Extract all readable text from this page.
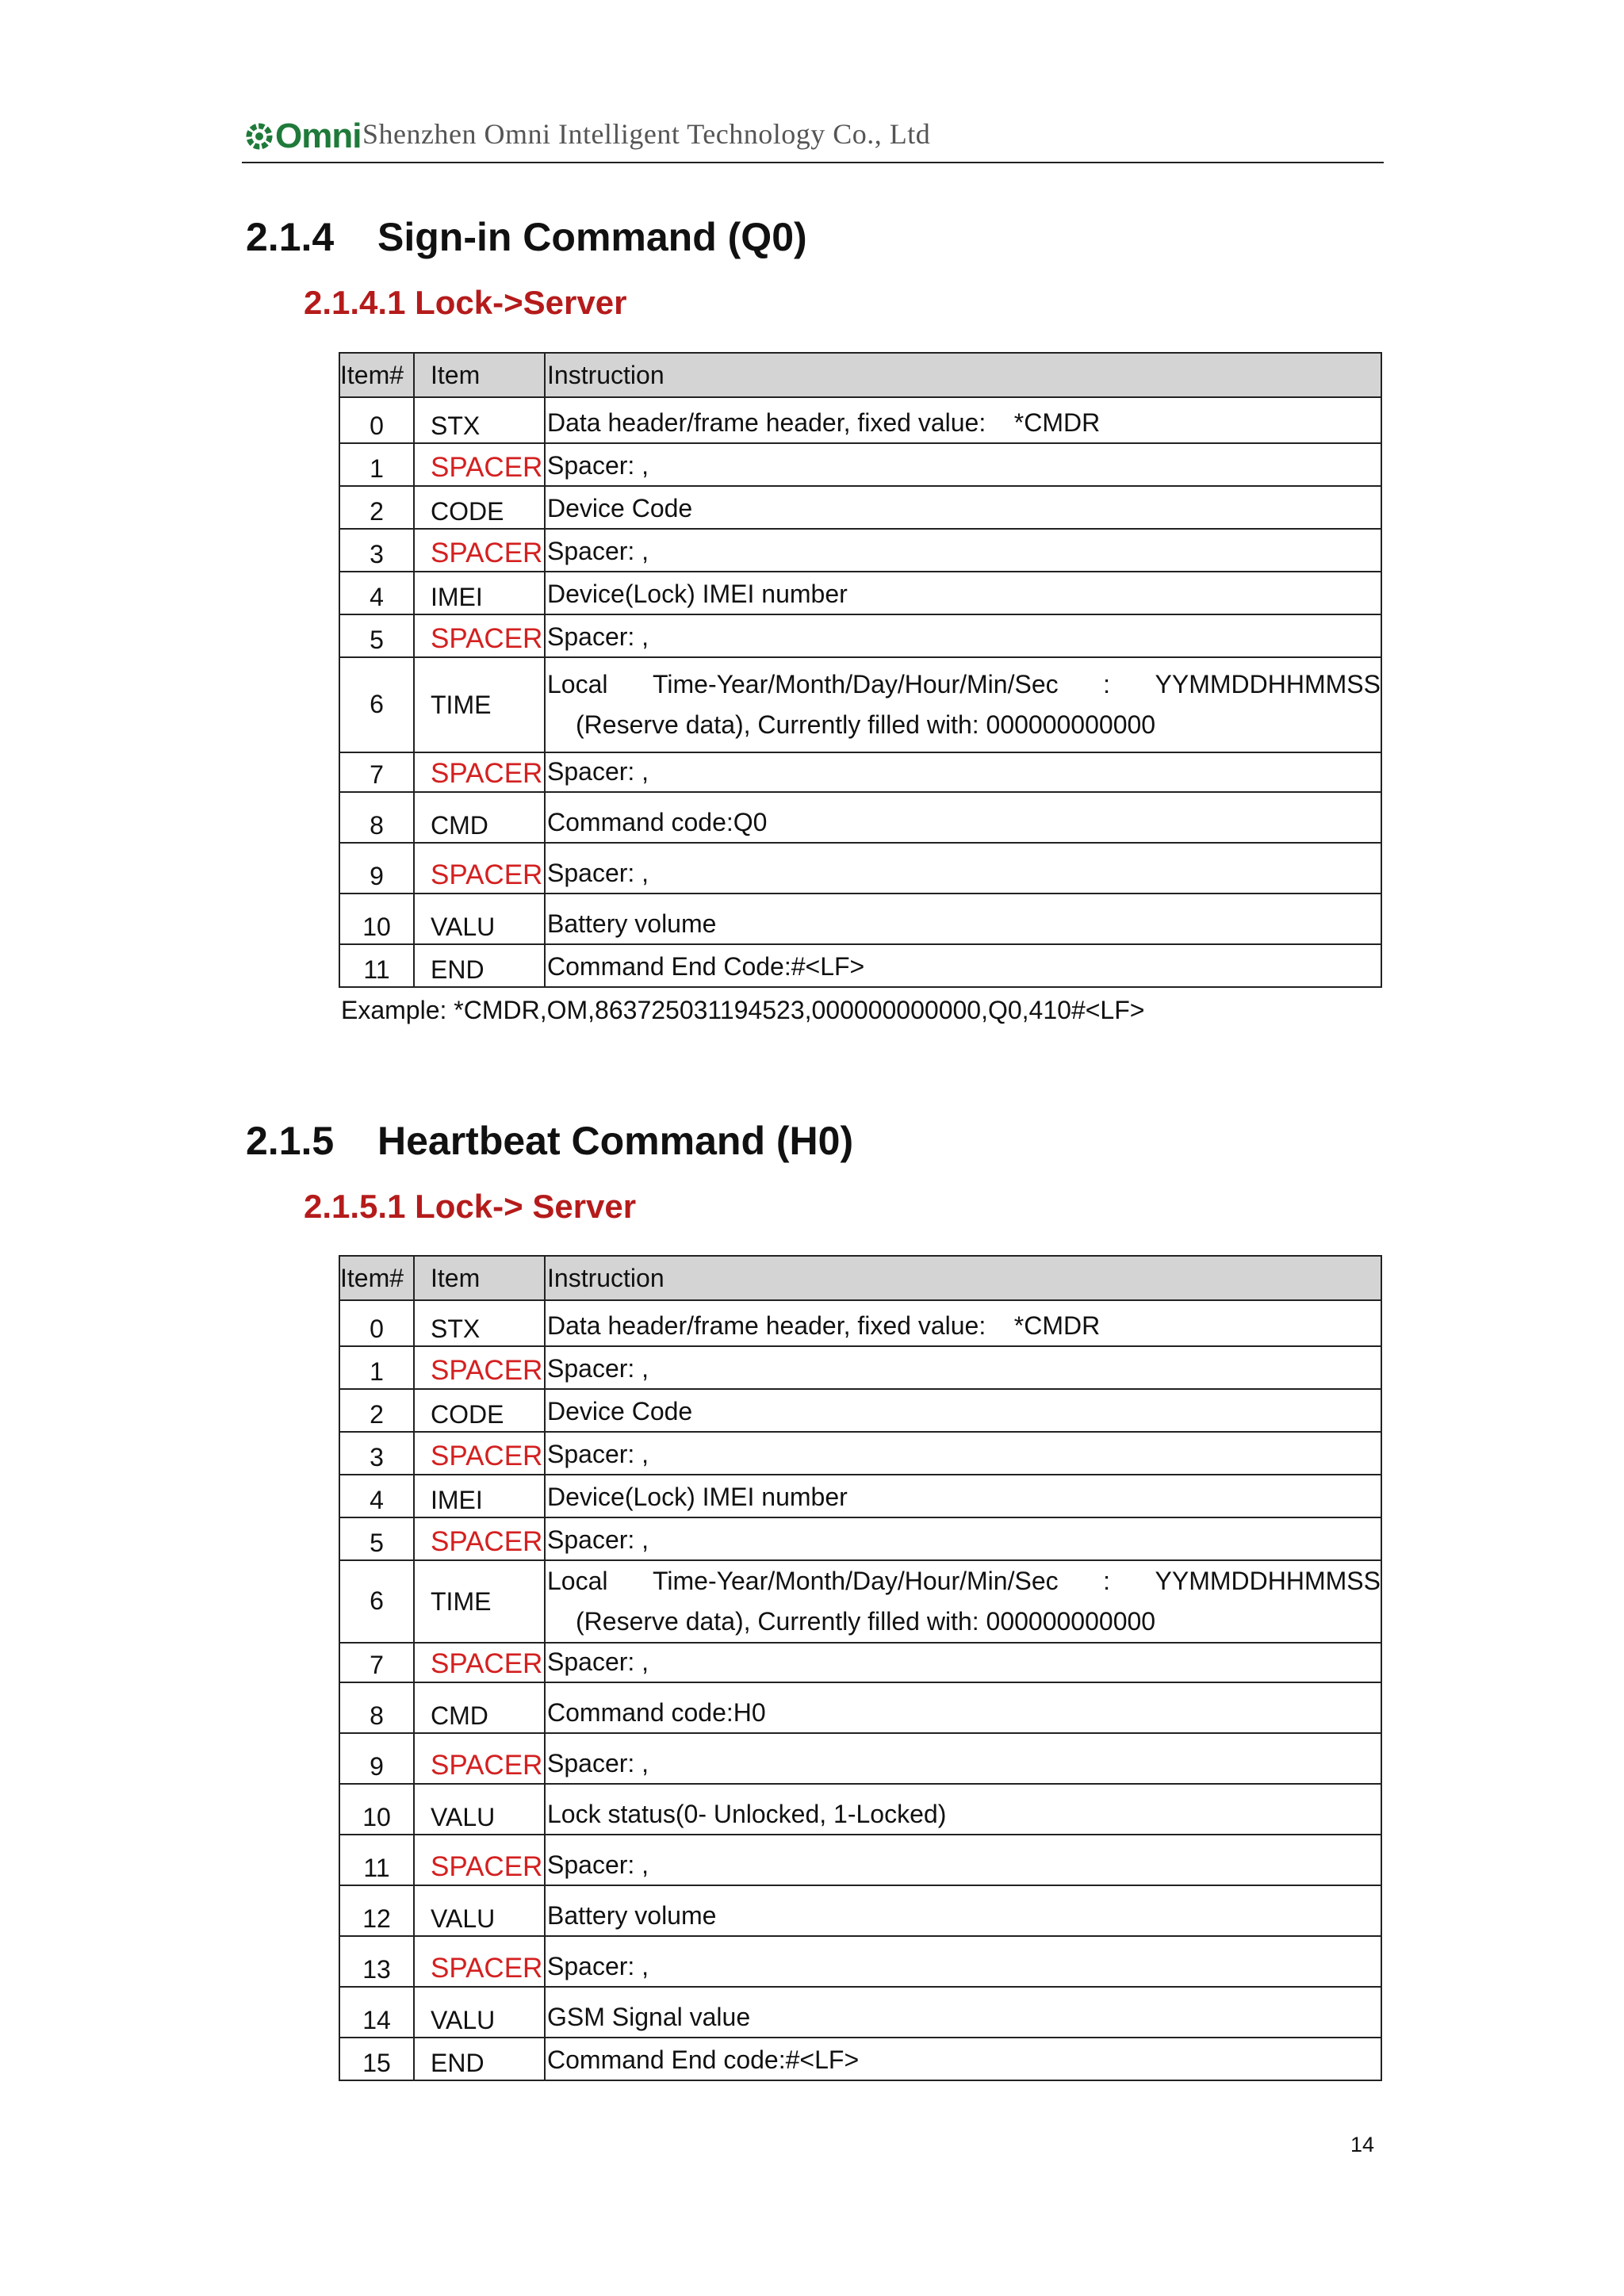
Omni Shenzhen Omni Intelligent Technology Co., Ltd
2.1.4 Sign-in Command (Q0)
2.1.4.1 Lock->Server
Item#	Item	Instruction
0	STX	Data header/frame header, fixed value:    *CMDR
1	SPACER	Spacer: ,
2	CODE	Device Code
3	SPACER	Spacer: ,
4	IMEI	Device(Lock) IMEI number
5	SPACER	Spacer: ,
6	TIME	Local Time-Year/Month/Day/Hour/Min/Sec : YYMMDDHHMMSS
(Reserve data), Currently filled with: 000000000000

7	SPACER	Spacer: ,
8	CMD	Command code:Q0
9	SPACER	Spacer: ,
10	VALU	Battery volume
11	END	Command End Code:#<LF>
Example: *CMDR,OM,863725031194523,000000000000,Q0,410#<LF>
2.1.5 Heartbeat Command (H0)
2.1.5.1 Lock-> Server
Item#	Item	Instruction
0	STX	Data header/frame header, fixed value:    *CMDR
1	SPACER	Spacer: ,
2	CODE	Device Code
3	SPACER	Spacer: ,
4	IMEI	Device(Lock) IMEI number
5	SPACER	Spacer: ,
6	TIME	Local Time-Year/Month/Day/Hour/Min/Sec : YYMMDDHHMMSS
(Reserve data), Currently filled with: 000000000000

7	SPACER	Spacer: ,
8	CMD	Command code:H0
9	SPACER	Spacer: ,
10	VALU	Lock status(0- Unlocked, 1-Locked)
11	SPACER	Spacer: ,
12	VALU	Battery volume
13	SPACER	Spacer: ,
14	VALU	GSM Signal value
15	END	Command End code:#<LF>
14
